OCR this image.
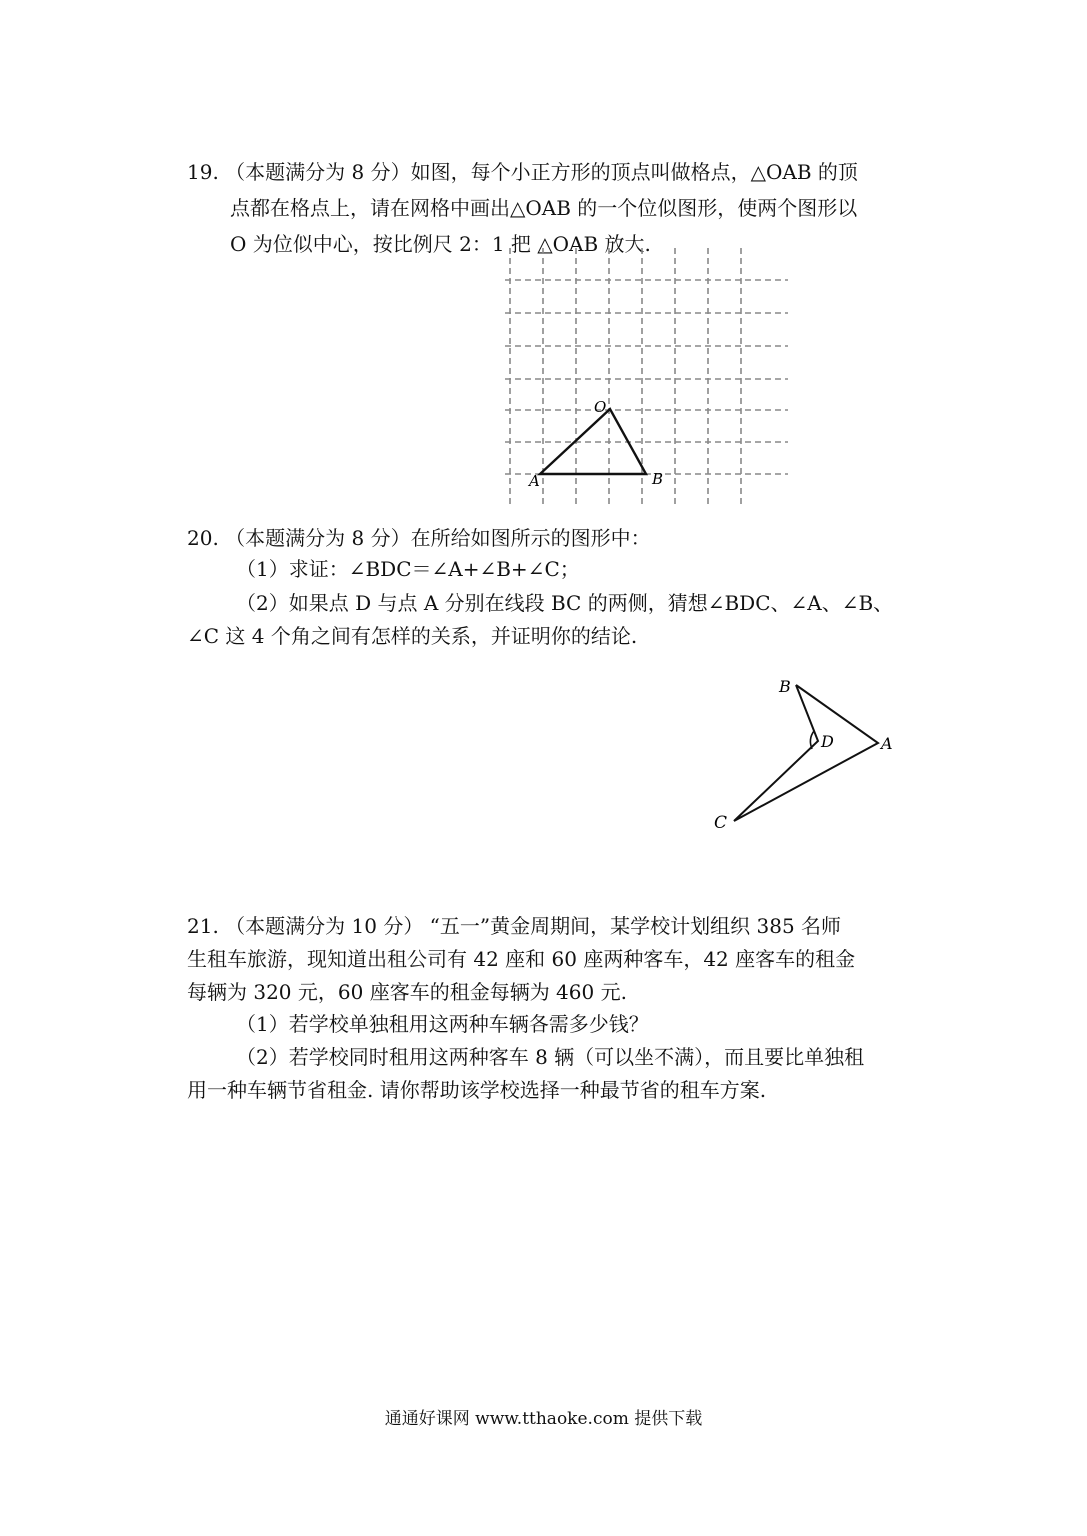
19. （本题满分为 8 分）如图，每个小正方形的顶点叫做格点，△OAB 的顶
点都在格点上，请在网格中画出△OAB 的一个位似图形，使两个图形以
O 为位似中心，按比例尺 2：1 把 △OAB 放大.
O
A	B
20. （本题满分为 8 分）在所给如图所示的图形中：
（1）求证：∠BDC＝∠A+∠B+∠C；
（2）如果点 D 与点 A 分别在线段 BC 的两侧，猜想∠BDC、∠A、∠B、
∠C 这 4 个角之间有怎样的关系，并证明你的结论.
B
D	A
C
21. （本题满分为 10 分） “五一”黄金周期间，某学校计划组织 385 名师
生租车旅游，现知道出租公司有 42 座和 60 座两种客车，42 座客车的租金
每辆为 320 元，60 座客车的租金每辆为 460 元.
（1）若学校单独租用这两种车辆各需多少钱？
（2）若学校同时租用这两种客车 8 辆（可以坐不满），而且要比单独租
用一种车辆节省租金. 请你帮助该学校选择一种最节省的租车方案.
通通好课网 www.tthaoke.com 提供下载
